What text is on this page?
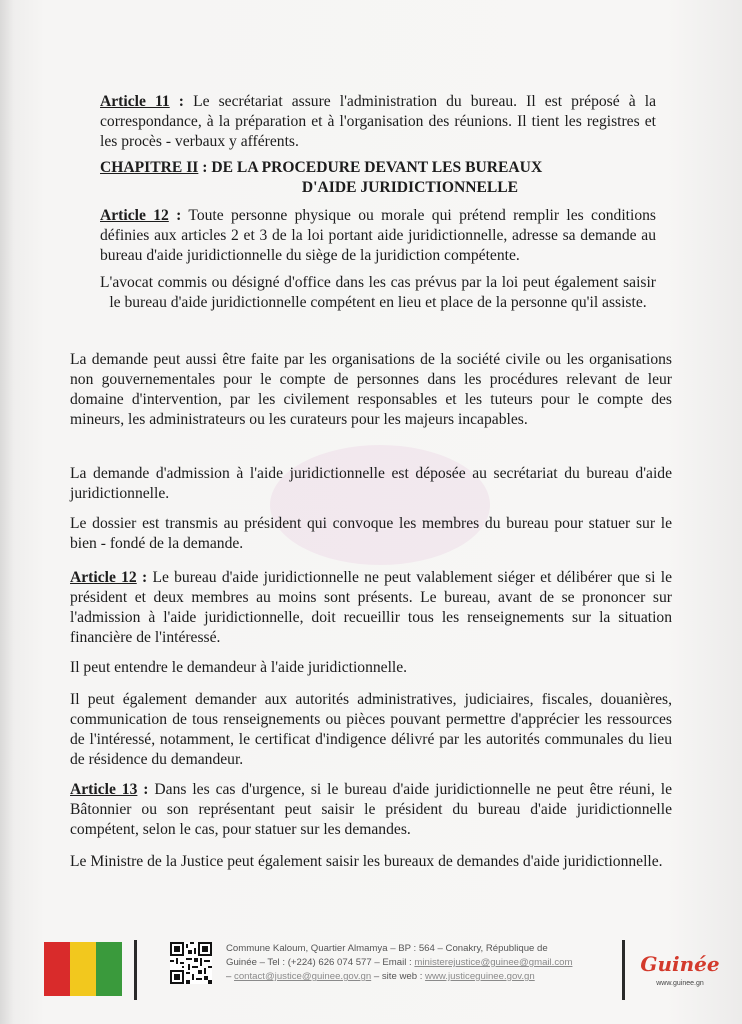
Article 11 : Le secrétariat assure l'administration du bureau. Il est préposé à la correspondance, à la préparation et à l'organisation des réunions. Il tient les registres et les procès - verbaux y afférents.

CHAPITRE II : DE LA PROCEDURE DEVANT LES BUREAUX
D'AIDE JURIDICTIONNELLE

Article 12 : Toute personne physique ou morale qui prétend remplir les conditions définies aux articles 2 et 3 de la loi portant aide juridictionnelle, adresse sa demande au bureau d'aide juridictionnelle du siège de la juridiction compétente.

L'avocat commis ou désigné d'office dans les cas prévus par la loi peut également saisir le bureau d'aide juridictionnelle compétent en lieu et place de la personne qu'il assiste.

La demande peut aussi être faite par les organisations de la société civile ou les organisations non gouvernementales pour le compte de personnes dans les procédures relevant de leur domaine d'intervention, par les civilement responsables et les tuteurs pour le compte des mineurs, les administrateurs ou les curateurs pour les majeurs incapables.

La demande d'admission à l'aide juridictionnelle est déposée au secrétariat du bureau d'aide juridictionnelle.

Le dossier est transmis au président qui convoque les membres du bureau pour statuer sur le bien - fondé de la demande.

Article 12 : Le bureau d'aide juridictionnelle ne peut valablement siéger et délibérer que si le président et deux membres au moins sont présents. Le bureau, avant de se prononcer sur l'admission à l'aide juridictionnelle, doit recueillir tous les renseignements sur la situation financière de l'intéressé.

Il peut entendre le demandeur à l'aide juridictionnelle.

Il peut également demander aux autorités administratives, judiciaires, fiscales, douanières, communication de tous renseignements ou pièces pouvant permettre d'apprécier les ressources de l'intéressé, notamment, le certificat d'indigence délivré par les autorités communales du lieu de résidence du demandeur.

Article 13 : Dans les cas d'urgence, si le bureau d'aide juridictionnelle ne peut être réuni, le Bâtonnier ou son représentant peut saisir le président du bureau d'aide juridictionnelle compétent, selon le cas, pour statuer sur les demandes.

Le Ministre de la Justice peut également saisir les bureaux de demandes d'aide juridictionnelle.

Commune Kaloum, Quartier Almamya – BP : 564 – Conakry, République de
Guinée – Tel : (+224) 626 074 577 – Email : ministerejustice@guinee@gmail.com
– contact@justice@guinee.gov.gn – site web : www.justiceguinee.gov.gn
Guinée
www.guinee.gn
